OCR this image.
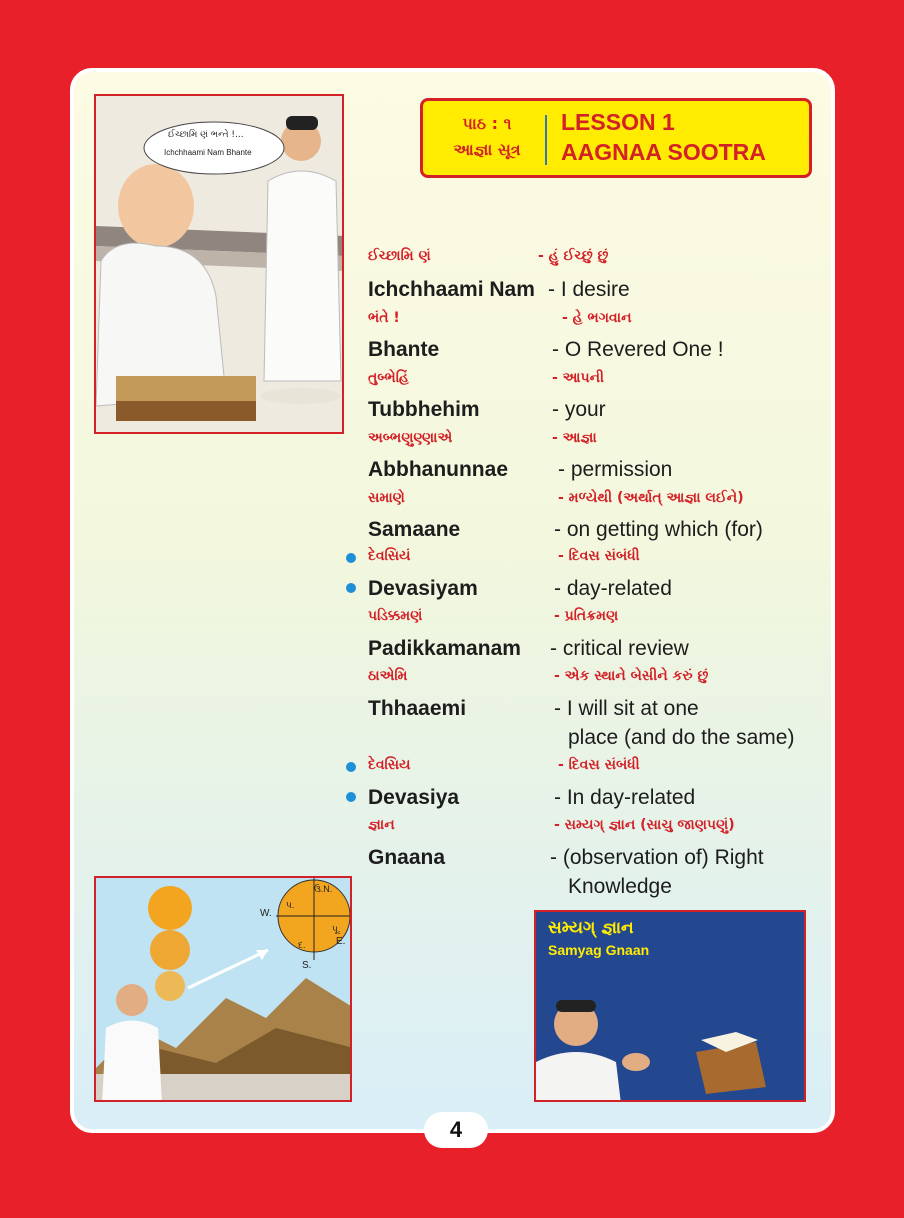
ઈચ્છામિ ણં ભન્તે !...
Ichchhaami Nam Bhante
પાઠ : ૧
આજ્ઞા સૂત્ર
LESSON 1
AAGNAA SOOTRA
ઈચ્છામિ ણં	- હું ઈચ્છું છું
Ichchhaami Nam - I desire
ભંતે !	- હે ભગવાન
Bhante	- O Revered One !
તુબ્ભેહિં	- આપની
Tubbhehim	- your
અબ્ભણુણ્ણાએ	- આજ્ઞા
Abbhanunnae - permission
સમાણે	- મળ્યેથી (અર્થાત્ આજ્ઞા લઈને)
Samaane	- on getting which (for)
દેવસિયં	- દિવસ સંબંધી
Devasiyam	- day-related
પડિક્કમણં	- પ્રતિક્રમણ
Padikkamanam - critical review
ઠાએમિ	- એક સ્થાને બેસીને કરું છું
Thhaaemi	- I will sit at one
place (and do the same)
દેવસિય	- દિવસ સંબંધી
Devasiya	- In day-related
જ્ઞાન	- સમ્યગ્ જ્ઞાન (સાચુ જાણપણું)
Gnaana	- (observation of) Right
Knowledge
ઉ.N.
પ.
W.
પૂ.
E.
દ.
S.
સમ્યગ્ જ્ઞાન
Samyag Gnaan
4
